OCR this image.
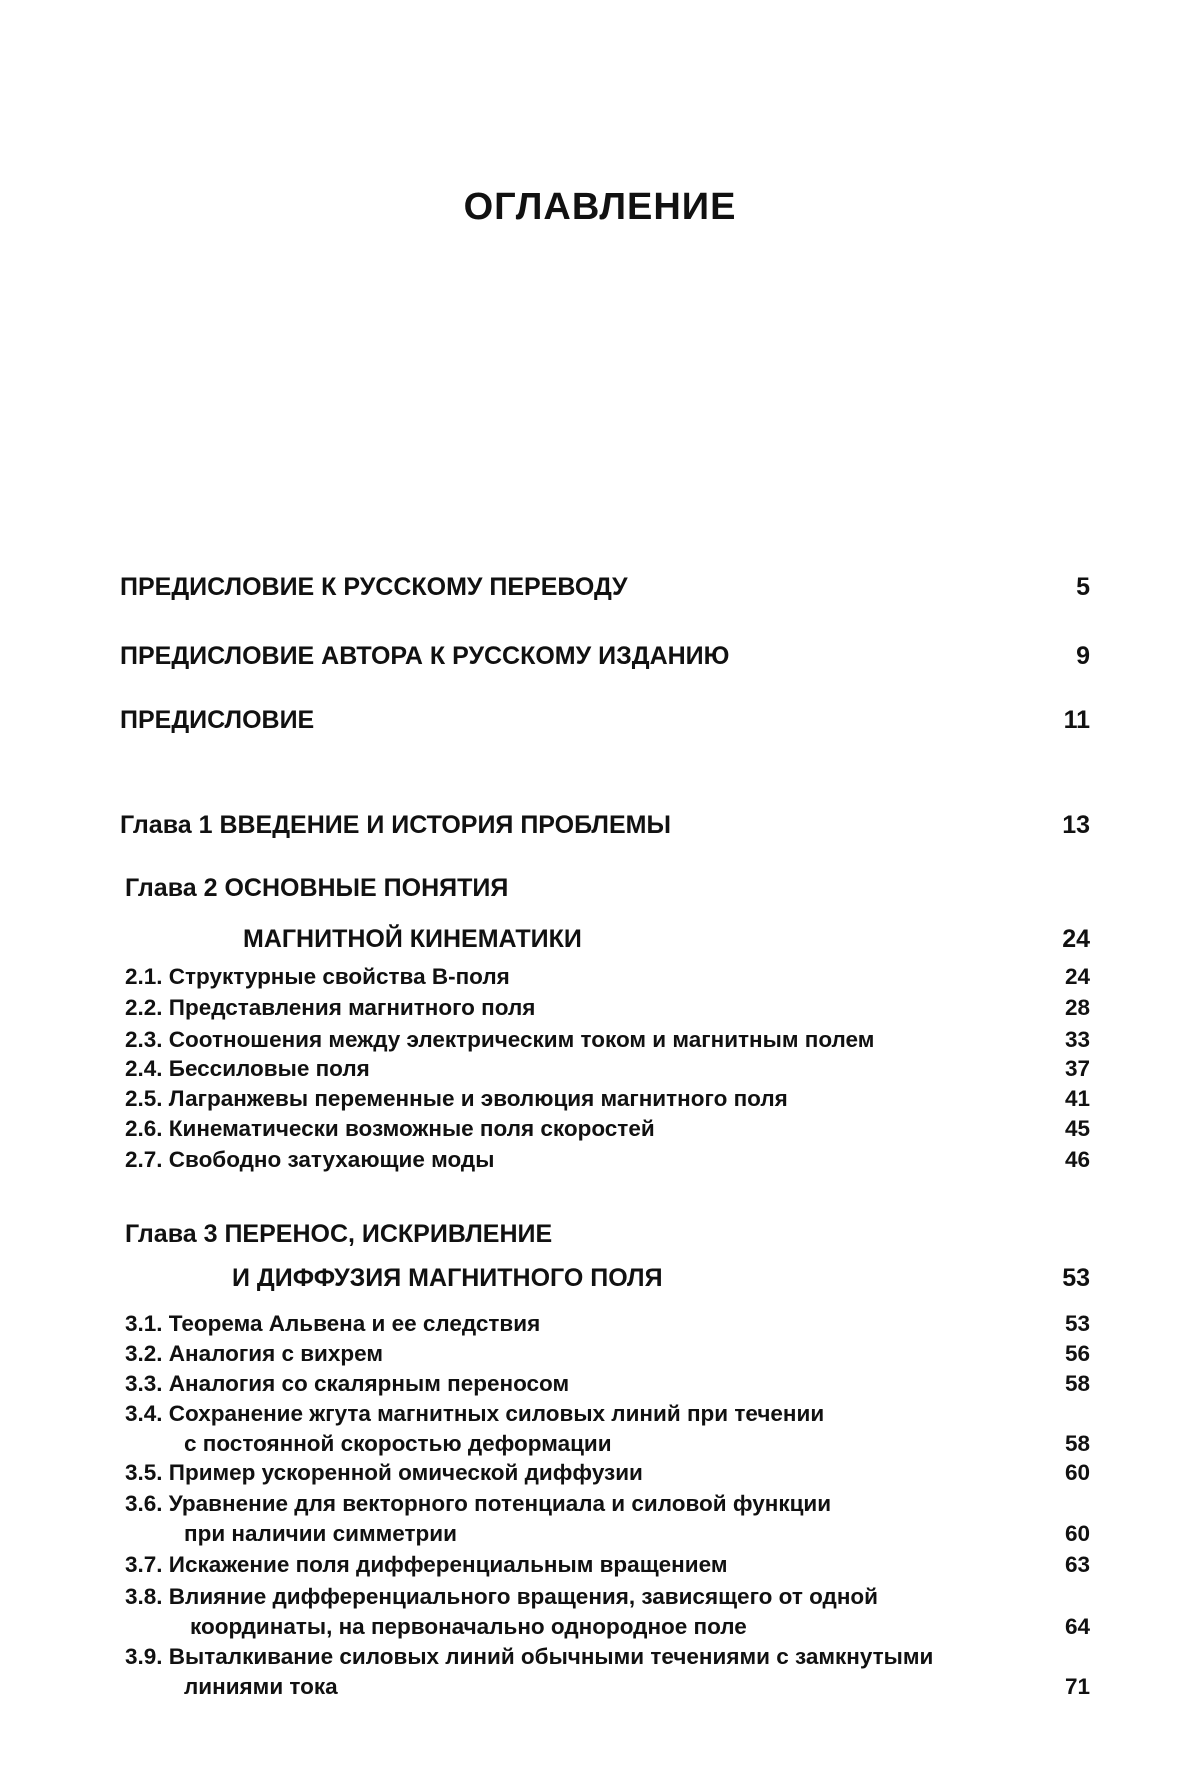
ОГЛАВЛЕНИЕ
ПРЕДИСЛОВИЕ К РУССКОМУ ПЕРЕВОДУ	5
ПРЕДИСЛОВИЕ АВТОРА К РУССКОМУ ИЗДАНИЮ	9
ПРЕДИСЛОВИЕ	11
Глава 1 ВВЕДЕНИЕ И ИСТОРИЯ ПРОБЛЕМЫ	13
Глава 2 ОСНОВНЫЕ ПОНЯТИЯ
МАГНИТНОЙ КИНЕМАТИКИ	24
2.1. Структурные свойства В-поля	24
2.2. Представления магнитного поля	28
2.3. Соотношения между электрическим током и магнитным полем	33
2.4. Бессиловые поля	37
2.5. Лагранжевы переменные и эволюция магнитного поля	41
2.6. Кинематически возможные поля скоростей	45
2.7. Свободно затухающие моды	46
Глава 3 ПЕРЕНОС, ИСКРИВЛЕНИЕ
И ДИФФУЗИЯ МАГНИТНОГО ПОЛЯ	53
3.1. Теорема Альвена и ее следствия	53
3.2. Аналогия с вихрем	56
3.3. Аналогия со скалярным переносом	58
3.4. Сохранение жгута магнитных силовых линий при течении
с постоянной скоростью деформации	58
3.5. Пример ускоренной омической диффузии	60
3.6. Уравнение для векторного потенциала и силовой функции
при наличии симметрии	60
3.7. Искажение поля дифференциальным вращением	63
3.8. Влияние дифференциального вращения, зависящего от одной
координаты, на первоначально однородное поле	64
3.9. Выталкивание силовых линий обычными течениями с замкнутыми
линиями тока	71
